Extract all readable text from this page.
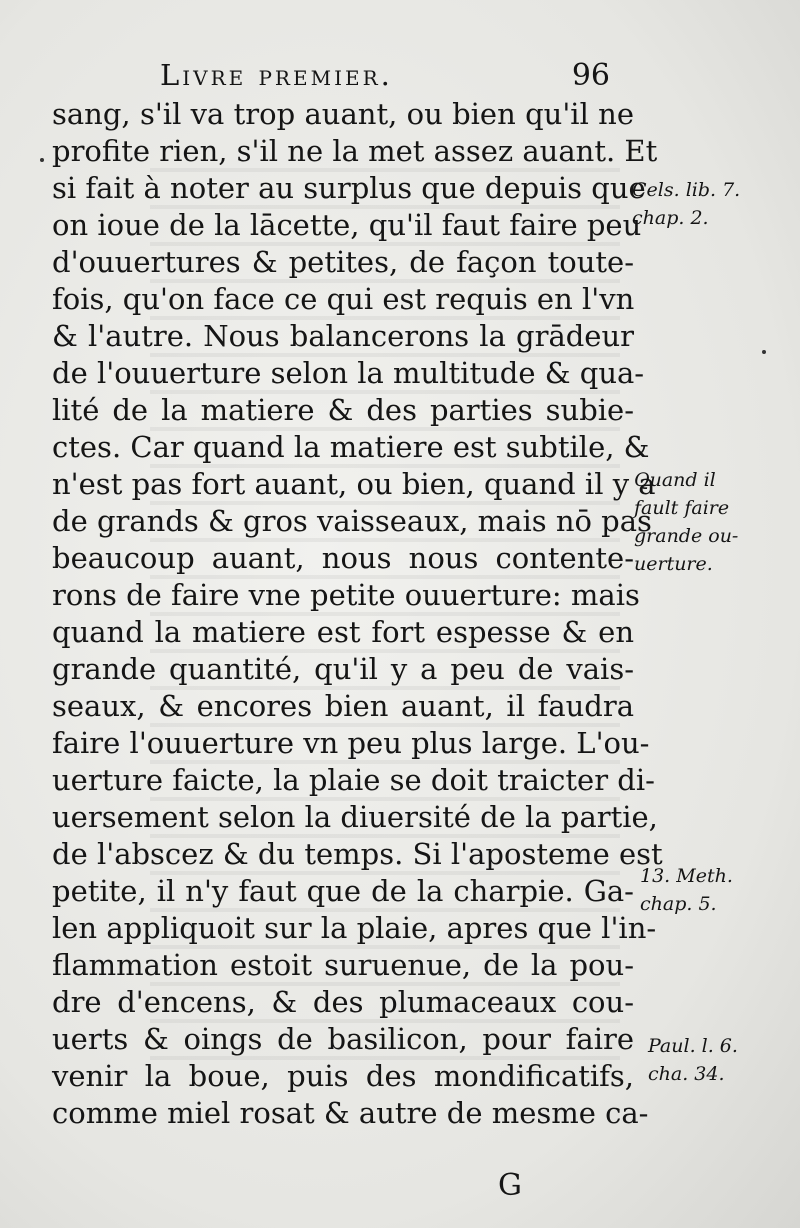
Livre premier.	96
sang, s'il va trop auant, ou bien qu'il ne
profite rien, s'il ne la met assez auant. Et
si fait à noter au surplus que depuis que
on ioue de la lācette, qu'il faut faire peu
d'ouuertures & petites, de façon toute-
fois, qu'on face ce qui est requis en l'vn
& l'autre. Nous balancerons la grādeur
de l'ouuerture selon la multitude & qua-
lité de la matiere & des parties subie-
ctes. Car quand la matiere est subtile, &
n'est pas fort auant, ou bien, quand il y a
de grands & gros vaisseaux, mais nō pas
beaucoup auant, nous nous contente-
rons de faire vne petite ouuerture: mais
quand la matiere est fort espesse & en
grande quantité, qu'il y a peu de vais-
seaux, & encores bien auant, il faudra
faire l'ouuerture vn peu plus large. L'ou-
uerture faicte, la plaie se doit traicter di-
uersement selon la diuersité de la partie,
de l'abscez & du temps. Si l'aposteme est
petite, il n'y faut que de la charpie. Ga-
len appliquoit sur la plaie, apres que l'in-
flammation estoit suruenue, de la pou-
dre d'encens, & des plumaceaux cou-
uerts & oings de basilicon, pour faire
venir la boue, puis des mondificatifs,
comme miel rosat & autre de mesme ca-
Cels. lib. 7.
chap. 2.
Quand il
fault faire
grande ou-
uerture.
13. Meth.
chap. 5.
Paul. l. 6.
cha. 34.
G
